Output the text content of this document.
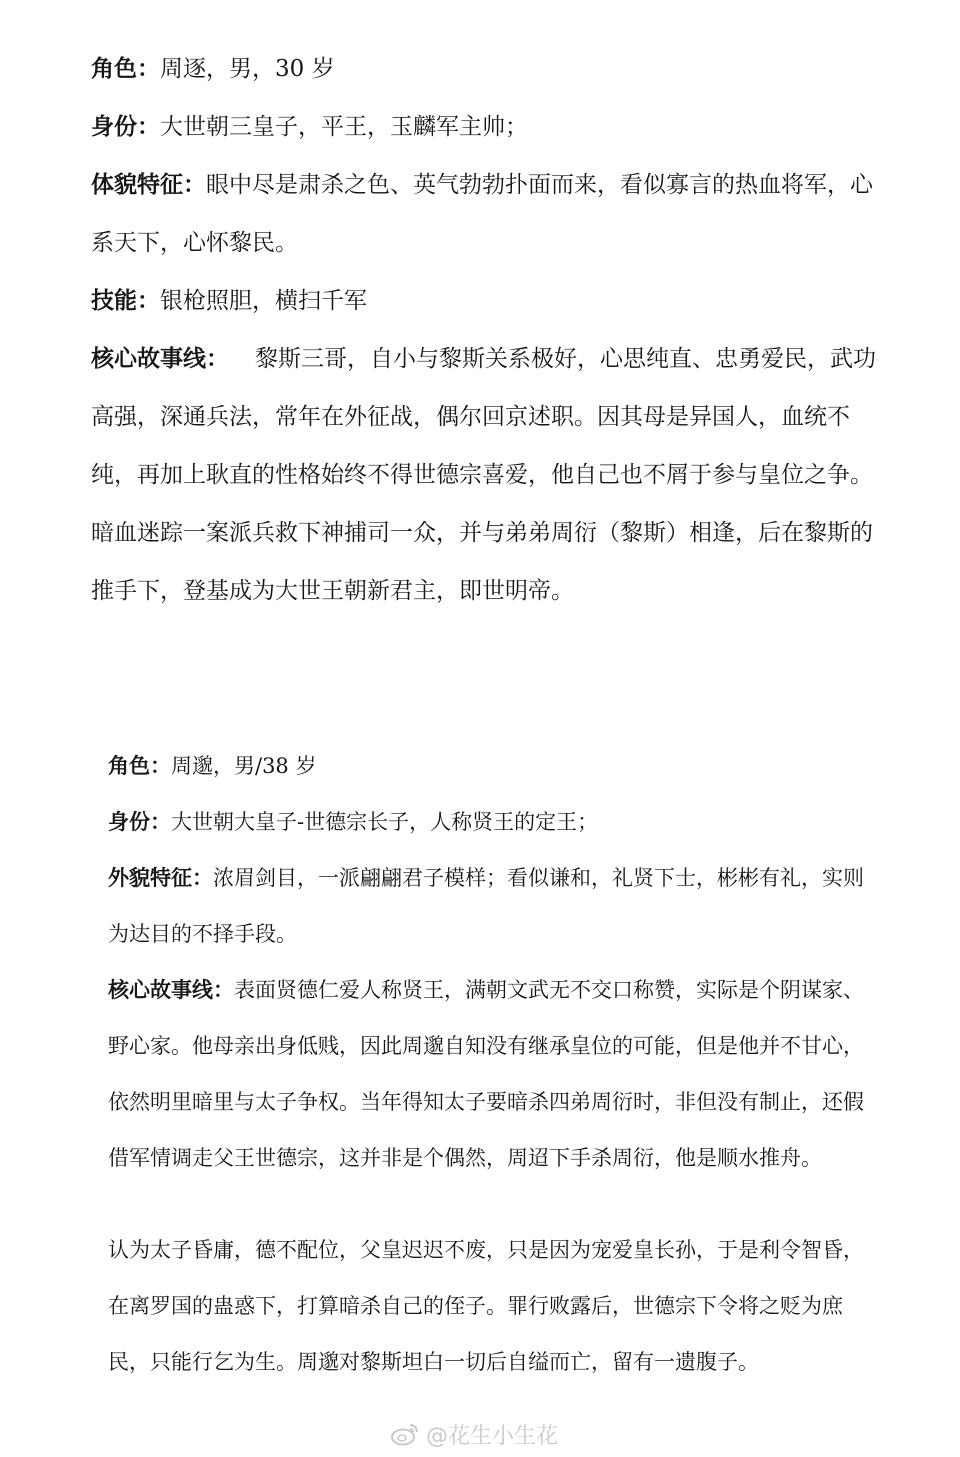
角色：周逐，男，30 岁

身份：大世朝三皇子，平王，玉麟军主帅；

体貌特征：眼中尽是肃杀之色、英气勃勃扑面而来，看似寡言的热血将军，心系天下，心怀黎民。

技能：银枪照胆，横扫千军

核心故事线： 黎斯三哥，自小与黎斯关系极好，心思纯直、忠勇爱民，武功高强，深通兵法，常年在外征战，偶尔回京述职。因其母是异国人，血统不纯，再加上耿直的性格始终不得世德宗喜爱，他自己也不屑于参与皇位之争。暗血迷踪一案派兵救下神捕司一众，并与弟弟周衍（黎斯）相逢，后在黎斯的推手下，登基成为大世王朝新君主，即世明帝。

角色：周邈，男/38 岁

身份：大世朝大皇子-世德宗长子，人称贤王的定王；

外貌特征：浓眉剑目，一派翩翩君子模样；看似谦和，礼贤下士，彬彬有礼，实则为达目的不择手段。

核心故事线：表面贤德仁爱人称贤王，满朝文武无不交口称赞，实际是个阴谋家、野心家。他母亲出身低贱，因此周邈自知没有继承皇位的可能，但是他并不甘心，依然明里暗里与太子争权。当年得知太子要暗杀四弟周衍时，非但没有制止，还假借军情调走父王世德宗，这并非是个偶然，周迢下手杀周衍，他是顺水推舟。

认为太子昏庸，德不配位，父皇迟迟不废，只是因为宠爱皇长孙，于是利令智昏，在离罗国的蛊惑下，打算暗杀自己的侄子。罪行败露后，世德宗下令将之贬为庶民，只能行乞为生。周邈对黎斯坦白一切后自缢而亡，留有一遗腹子。

@花生小生花
